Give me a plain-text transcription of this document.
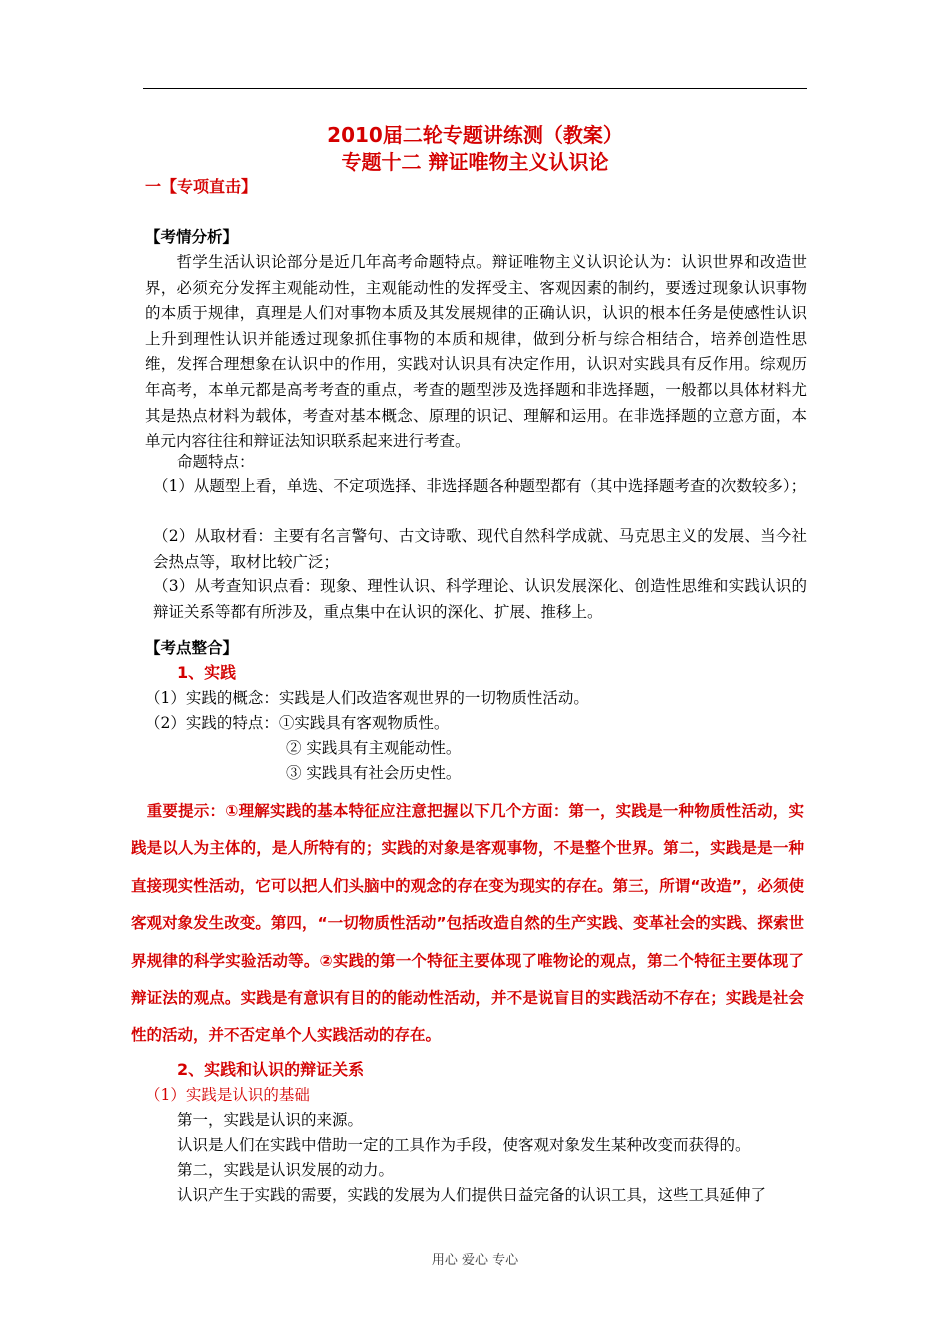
2010届二轮专题讲练测（教案）
专题十二 辩证唯物主义认识论
一【专项直击】
【考情分析】
　　哲学生活认识论部分是近几年高考命题特点。辩证唯物主义认识论认为：认识世界和改造世界，必须充分发挥主观能动性，主观能动性的发挥受主、客观因素的制约，要透过现象认识事物的本质于规律，真理是人们对事物本质及其发展规律的正确认识，认识的根本任务是使感性认识上升到理性认识并能透过现象抓住事物的本质和规律，做到分析与综合相结合，培养创造性思维，发挥合理想象在认识中的作用，实践对认识具有决定作用，认识对实践具有反作用。综观历年高考，本单元都是高考考查的重点，考查的题型涉及选择题和非选择题，一般都以具体材料尤其是热点材料为载体，考查对基本概念、原理的识记、理解和运用。在非选择题的立意方面，本单元内容往往和辩证法知识联系起来进行考查。
命题特点：
（1）从题型上看，单选、不定项选择、非选择题各种题型都有（其中选择题考查的次数较多）；
（2）从取材看：主要有名言警句、古文诗歌、现代自然科学成就、马克思主义的发展、当今社会热点等，取材比较广泛；
（3）从考查知识点看：现象、理性认识、科学理论、认识发展深化、创造性思维和实践认识的辩证关系等都有所涉及，重点集中在认识的深化、扩展、推移上。
【考点整合】
1、实践
（1）实践的概念：实践是人们改造客观世界的一切物质性活动。
（2）实践的特点：①实践具有客观物质性。
② 实践具有主观能动性。
③ 实践具有社会历史性。
　重要提示：①理解实践的基本特征应注意把握以下几个方面：第一，实践是一种物质性活动，实践是以人为主体的，是人所特有的；实践的对象是客观事物，不是整个世界。第二，实践是是一种直接现实性活动，它可以把人们头脑中的观念的存在变为现实的存在。第三，所谓“改造”，必须使客观对象发生改变。第四，“一切物质性活动”包括改造自然的生产实践、变革社会的实践、探索世界规律的科学实验活动等。②实践的第一个特征主要体现了唯物论的观点，第二个特征主要体现了辩证法的观点。实践是有意识有目的的能动性活动，并不是说盲目的实践活动不存在；实践是社会性的活动，并不否定单个人实践活动的存在。
2、实践和认识的辩证关系
（1）实践是认识的基础
第一，实践是认识的来源。
认识是人们在实践中借助一定的工具作为手段，使客观对象发生某种改变而获得的。
第二，实践是认识发展的动力。
认识产生于实践的需要，实践的发展为人们提供日益完备的认识工具，这些工具延伸了
用心 爱心 专心
